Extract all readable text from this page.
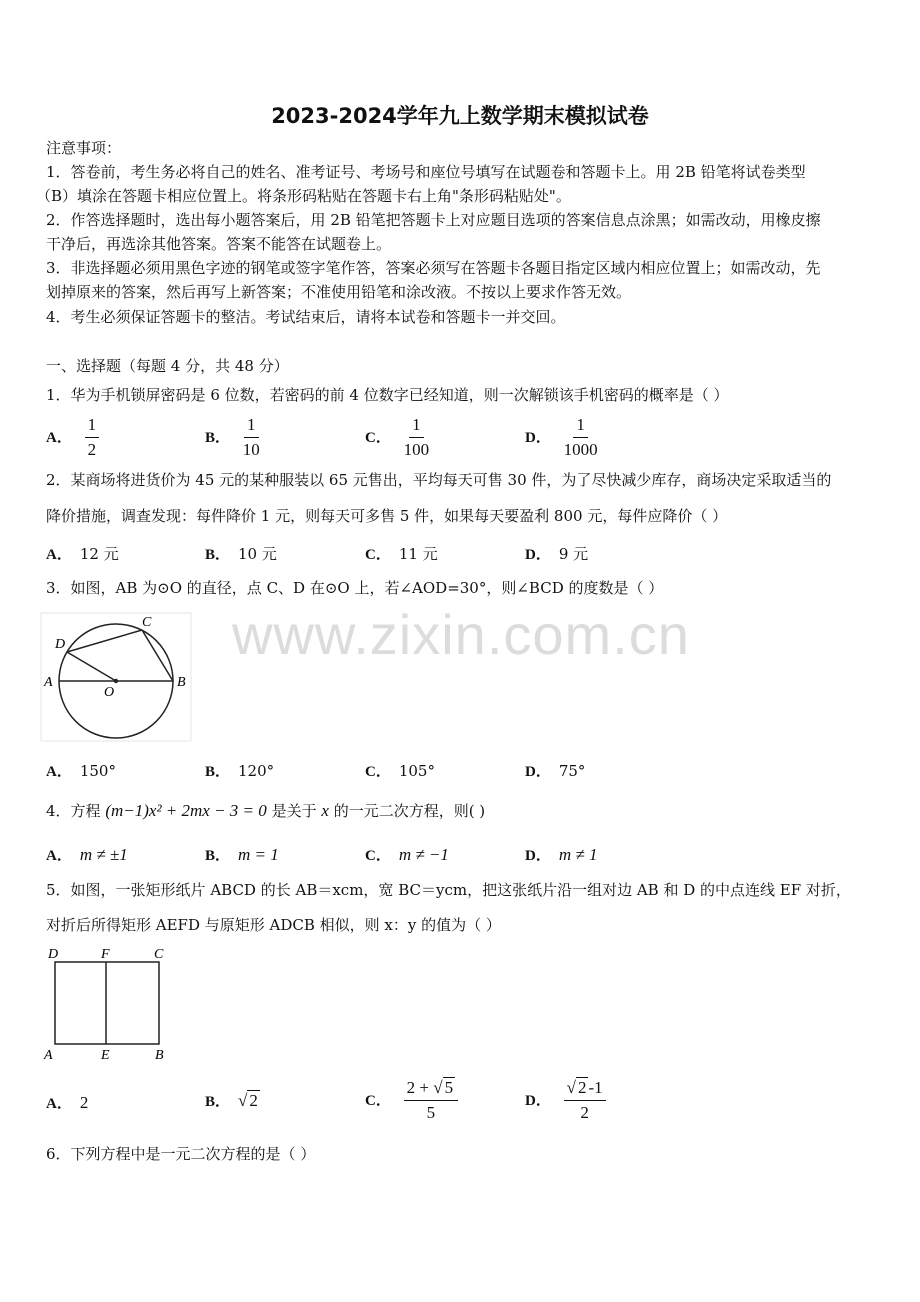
2023-2024学年九上数学期末模拟试卷
注意事项：
1．答卷前，考生务必将自己的姓名、准考证号、考场号和座位号填写在试题卷和答题卡上。用 2B 铅笔将试卷类型
（B）填涂在答题卡相应位置上。将条形码粘贴在答题卡右上角"条形码粘贴处"。
2．作答选择题时，选出每小题答案后，用 2B 铅笔把答题卡上对应题目选项的答案信息点涂黑；如需改动，用橡皮擦
干净后，再选涂其他答案。答案不能答在试题卷上。
3．非选择题必须用黑色字迹的钢笔或签字笔作答，答案必须写在答题卡各题目指定区域内相应位置上；如需改动，先
划掉原来的答案，然后再写上新答案；不准使用铅笔和涂改液。不按以上要求作答无效。
4．考生必须保证答题卡的整洁。考试结束后，请将本试卷和答题卡一并交回。
一、选择题（每题 4 分，共 48 分）
1．华为手机锁屏密码是 6 位数，若密码的前 4 位数字已经知道，则一次解锁该手机密码的概率是（ ）
A． $\frac{1}{2}$	B． $\frac{1}{10}$	C． $\frac{1}{100}$	D． $\frac{1}{1000}$
2．某商场将进货价为 45 元的某种服装以 65 元售出，平均每天可售 30 件，为了尽快减少库存，商场决定采取适当的
降价措施，调查发现：每件降价 1 元，则每天可多售 5 件，如果每天要盈利 800 元，每件应降价（ ）
A． 12 元	B． 10 元	C． 11 元	D． 9 元
3．如图，AB 为⊙O 的直径，点 C、D 在⊙O 上，若∠AOD=30°，则∠BCD 的度数是（ ）
www.zixin.com.cn
A	B
C
D
O
A． 150°	B． 120°	C． 105°	D． 75°
4．方程 (m−1)x² + 2mx − 3 = 0 是关于 x 的一元二次方程，则( )
A． m ≠ ±1	B． m = 1	C． m ≠ −1	D． m ≠ 1
5．如图，一张矩形纸片 ABCD 的长 AB＝xcm，宽 BC＝ycm，把这张纸片沿一组对边 AB 和 D 的中点连线 EF 对折，
对折后所得矩形 AEFD 与原矩形 ADCB 相似，则 x：y 的值为（ ）
D	F	C
A	E	B
A． 2	B． √ 2	C． $\frac{2 + √ 5}{5}$	D． $\frac{√ 2 -1}{2}$
6．下列方程中是一元二次方程的是（ ）
